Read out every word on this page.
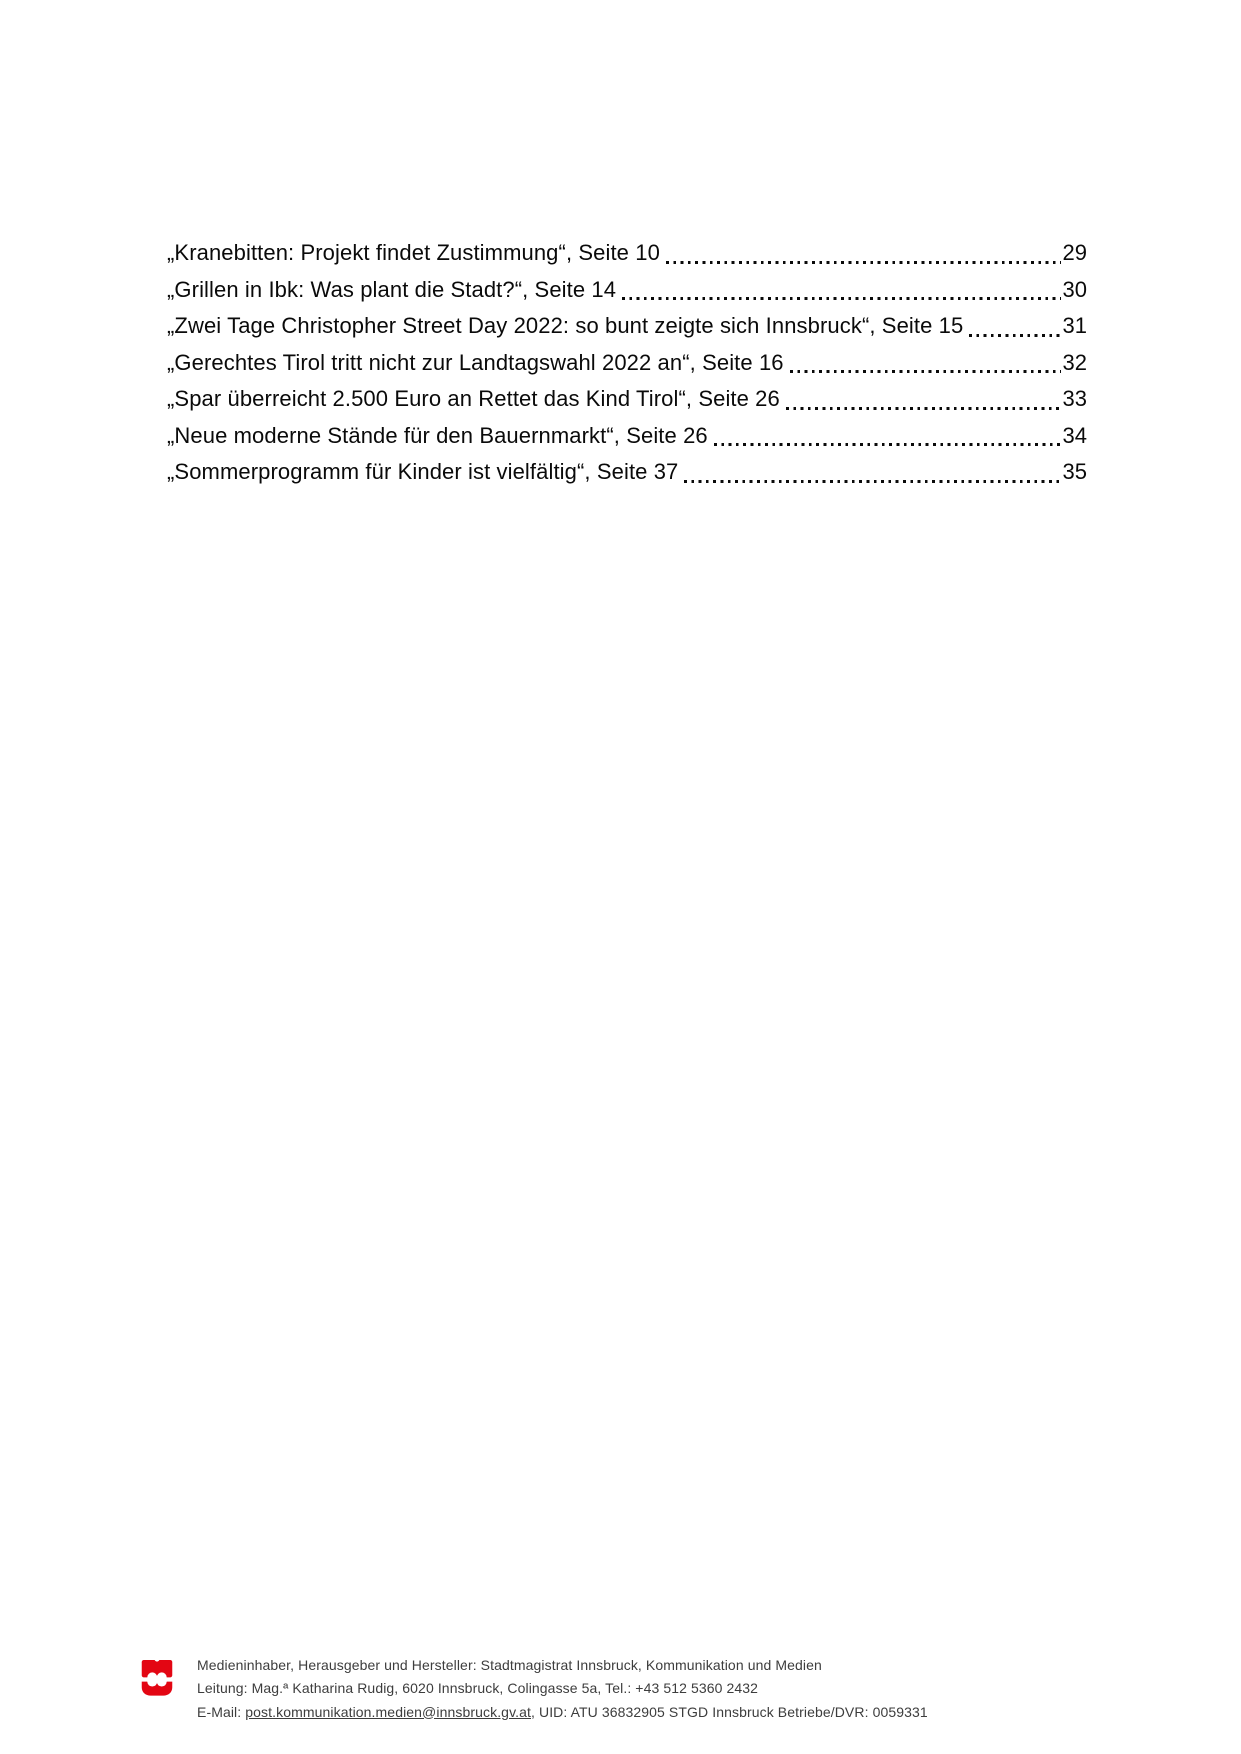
„Kranebitten: Projekt findet Zustimmung“, Seite 10	29
„Grillen in Ibk: Was plant die Stadt?“, Seite 14	30
„Zwei Tage Christopher Street Day 2022: so bunt zeigte sich Innsbruck“, Seite 15	31
„Gerechtes Tirol tritt nicht zur Landtagswahl 2022 an“, Seite 16	32
„Spar überreicht 2.500 Euro an Rettet das Kind Tirol“, Seite 26	33
„Neue moderne Stände für den Bauernmarkt“, Seite 26	34
„Sommerprogramm für Kinder ist vielfältig“, Seite 37	35
Medieninhaber, Herausgeber und Hersteller: Stadtmagistrat Innsbruck, Kommunikation und Medien
Leitung: Mag.ª Katharina Rudig, 6020 Innsbruck, Colingasse 5a, Tel.: +43 512 5360 2432
E-Mail: post.kommunikation.medien@innsbruck.gv.at, UID: ATU 36832905 STGD Innsbruck Betriebe/DVR: 0059331
